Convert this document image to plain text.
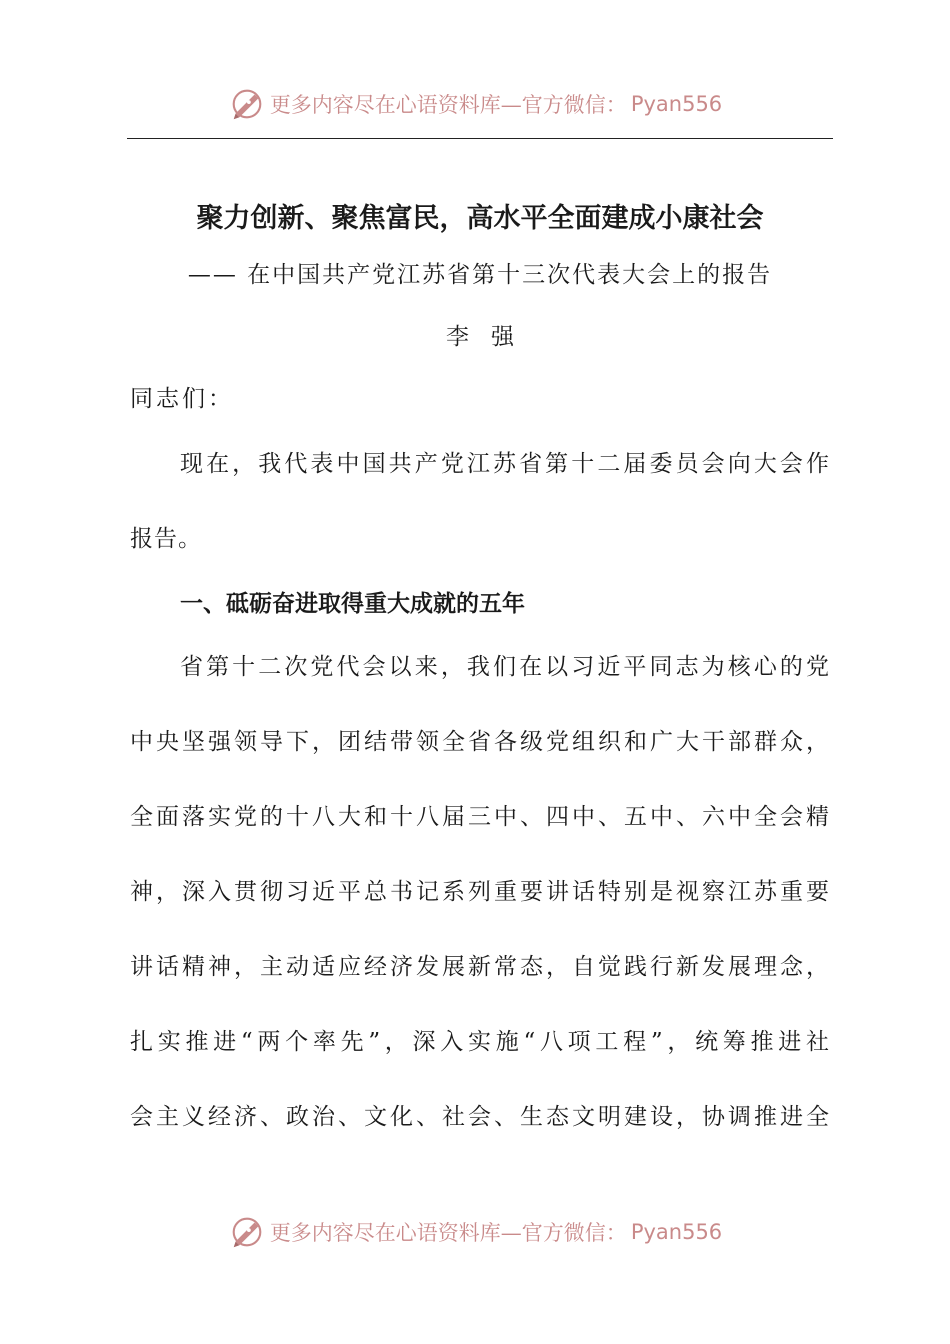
更多内容尽在心语资料库—官方微信： Pyan556
聚力创新、聚焦富民，高水平全面建成小康社会
—— 在中国共产党江苏省第十三次代表大会上的报告
李强
同志们：
现在，我代表中国共产党江苏省第十二届委员会向大会作
报告。
一、砥砺奋进取得重大成就的五年
省第十二次党代会以来，我们在以习近平同志为核心的党
中央坚强领导下，团结带领全省各级党组织和广大干部群众，
全面落实党的十八大和十八届三中、四中、五中、六中全会精
神，深入贯彻习近平总书记系列重要讲话特别是视察江苏重要
讲话精神，主动适应经济发展新常态，自觉践行新发展理念，
扎实推进“两个率先”，深入实施“八项工程”，统筹推进社
会主义经济、政治、文化、社会、生态文明建设，协调推进全
更多内容尽在心语资料库—官方微信： Pyan556
